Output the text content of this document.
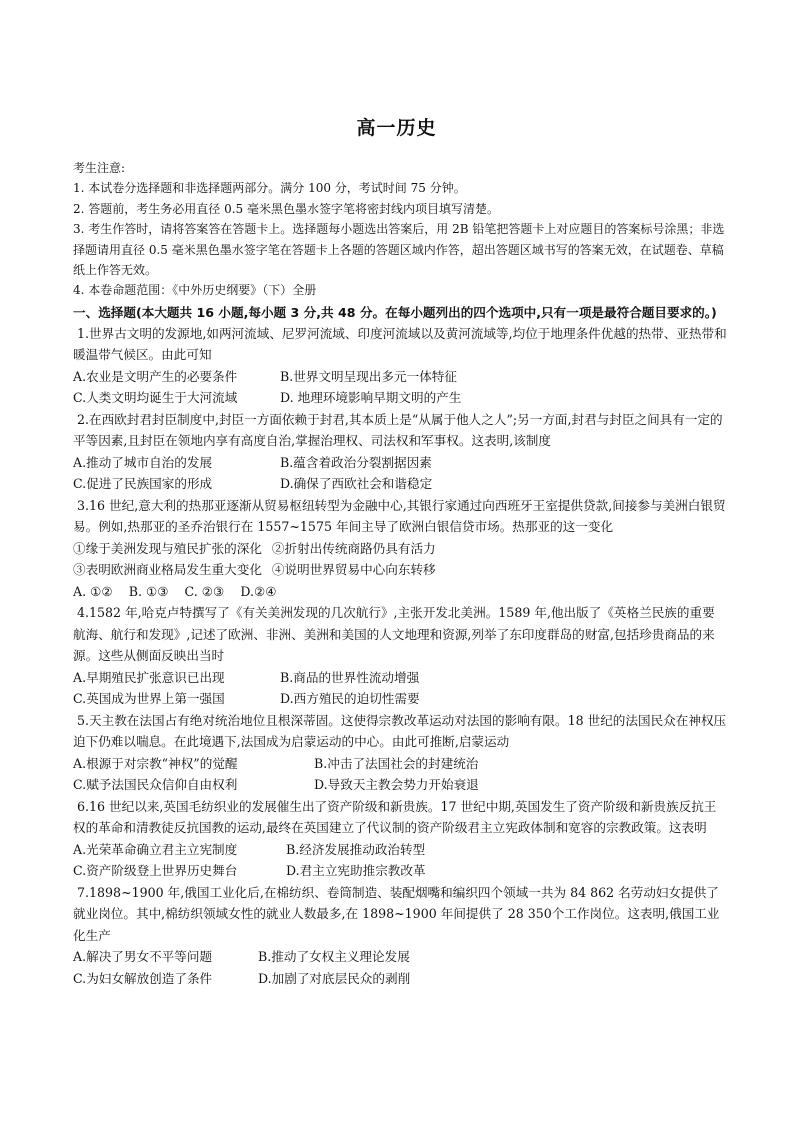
高一历史
考生注意:
1. 本试卷分选择题和非选择题两部分。满分 100 分，考试时间 75 分钟。
2. 答题前，考生务必用直径 0.5 毫米黑色墨水签字笔将密封线内项目填写清楚。
3. 考生作答时，请将答案答在答题卡上。选择题每小题选出答案后，用 2B 铅笔把答题卡上对应题目的答案标号涂黑；非选择题请用直径 0.5 毫米黑色墨水签字笔在答题卡上各题的答题区域内作答，超出答题区域书写的答案无效，在试题卷、草稿纸上作答无效。
4. 本卷命题范围：《中外历史纲要》（下）全册
一、选择题(本大题共 16 小题,每小题 3 分,共 48 分。在每小题列出的四个选项中,只有一项是最符合题目要求的。)
1.世界古文明的发源地,如两河流域、尼罗河流域、印度河流域以及黄河流域等,均位于地理条件优越的热带、亚热带和暖温带气候区。由此可知
A.农业是文明产生的必要条件	B.世界文明呈现出多元一体特征
C.人类文明均诞生于大河流域	D. 地理环境影响早期文明的产生
2.在西欧封君封臣制度中,封臣一方面依赖于封君,其本质上是“从属于他人之人”;另一方面,封君与封臣之间具有一定的平等因素,且封臣在领地内享有高度自治,掌握治理权、司法权和军事权。这表明,该制度
A.推动了城市自治的发展	B.蕴含着政治分裂割据因素
C.促进了民族国家的形成	D.确保了西欧社会和谐稳定
3.16 世纪,意大利的热那亚逐渐从贸易枢纽转型为金融中心,其银行家通过向西班牙王室提供贷款,间接参与美洲白银贸易。例如,热那亚的圣乔治银行在 1557~1575 年间主导了欧洲白银信贷市场。热那亚的这一变化
①缘于美洲发现与殖民扩张的深化 ②折射出传统商路仍具有活力
③表明欧洲商业格局发生重大变化 ④说明世界贸易中心向东转移
A. ①② B. ①③ C. ②③ D.②④
4.1582 年,哈克卢特撰写了《有关美洲发现的几次航行》,主张开发北美洲。1589 年,他出版了《英格兰民族的重要航海、航行和发现》,记述了欧洲、非洲、美洲和美国的人文地理和资源,列举了东印度群岛的财富,包括珍贵商品的来源。这些从侧面反映出当时
A.早期殖民扩张意识已出现	B.商品的世界性流动增强
C.英国成为世界上第一强国	D.西方殖民的迫切性需要
5.天主教在法国占有绝对统治地位且根深蒂固。这使得宗教改革运动对法国的影响有限。18 世纪的法国民众在神权压迫下仍难以喘息。在此境遇下,法国成为启蒙运动的中心。由此可推断,启蒙运动
A.根源于对宗教“神权”的觉醒	B.冲击了法国社会的封建统治
C.赋予法国民众信仰自由权利	D.导致天主教会势力开始衰退
6.16 世纪以来,英国毛纺织业的发展催生出了资产阶级和新贵族。17 世纪中期,英国发生了资产阶级和新贵族反抗王权的革命和清教徒反抗国教的运动,最终在英国建立了代议制的资产阶级君主立宪政体制和宽容的宗教政策。这表明
A.光荣革命确立君主立宪制度	B.经济发展推动政治转型
C.资产阶级登上世界历史舞台	D.君主立宪助推宗教改革
7.1898~1900 年,俄国工业化后,在棉纺织、卷筒制造、装配烟嘴和编织四个领域一共为 84 862 名劳动妇女提供了就业岗位。其中,棉纺织领域女性的就业人数最多,在 1898~1900 年间提供了 28 350个工作岗位。这表明,俄国工业化生产
A.解决了男女不平等问题	B.推动了女权主义理论发展
C.为妇女解放创造了条件	D.加剧了对底层民众的剥削
